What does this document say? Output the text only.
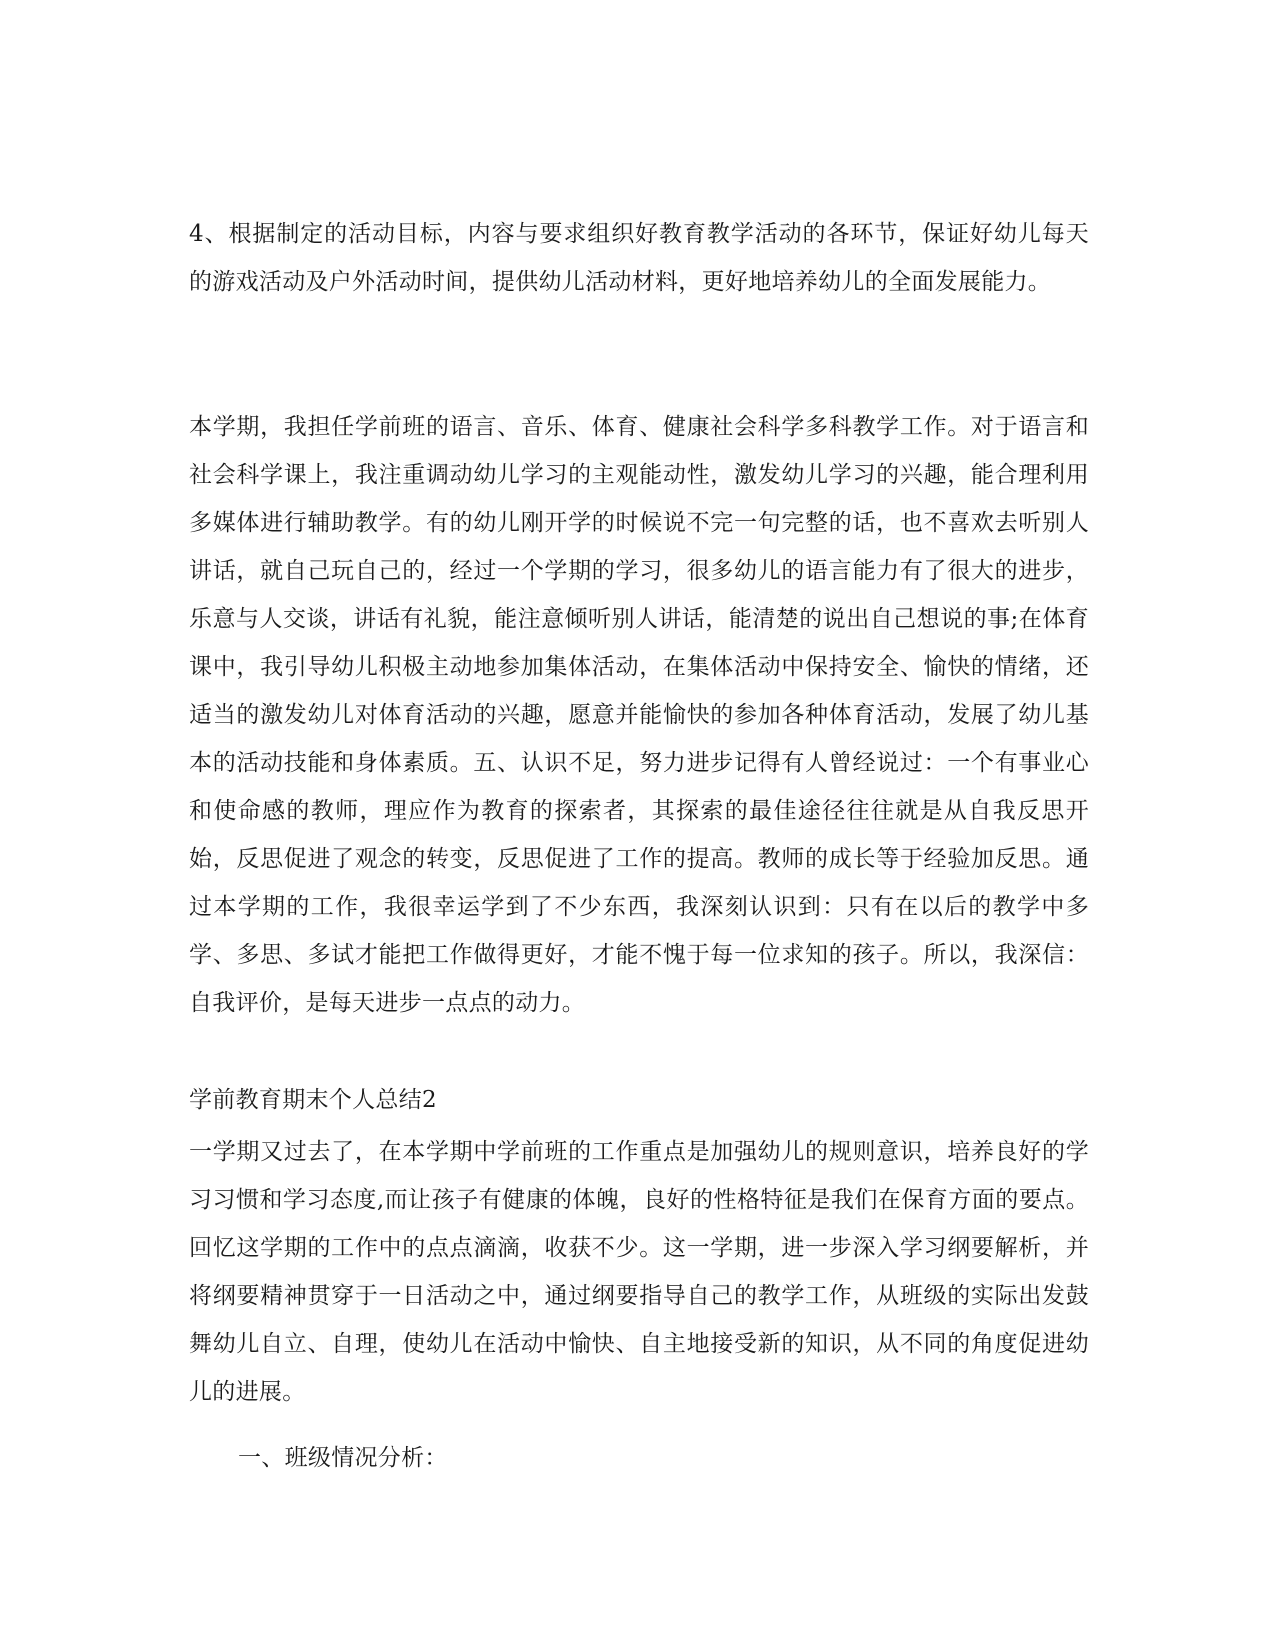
4、根据制定的活动目标，内容与要求组织好教育教学活动的各环节，保证好幼儿每天的游戏活动及户外活动时间，提供幼儿活动材料，更好地培养幼儿的全面发展能力。
本学期，我担任学前班的语言、音乐、体育、健康社会科学多科教学工作。对于语言和社会科学课上，我注重调动幼儿学习的主观能动性，激发幼儿学习的兴趣，能合理利用多媒体进行辅助教学。有的幼儿刚开学的时候说不完一句完整的话，也不喜欢去听别人讲话，就自己玩自己的，经过一个学期的学习，很多幼儿的语言能力有了很大的进步，乐意与人交谈，讲话有礼貌，能注意倾听别人讲话，能清楚的说出自己想说的事;在体育课中，我引导幼儿积极主动地参加集体活动，在集体活动中保持安全、愉快的情绪，还适当的激发幼儿对体育活动的兴趣，愿意并能愉快的参加各种体育活动，发展了幼儿基本的活动技能和身体素质。五、认识不足，努力进步记得有人曾经说过：一个有事业心和使命感的教师，理应作为教育的探索者，其探索的最佳途径往往就是从自我反思开始，反思促进了观念的转变，反思促进了工作的提高。教师的成长等于经验加反思。通过本学期的工作，我很幸运学到了不少东西，我深刻认识到：只有在以后的教学中多学、多思、多试才能把工作做得更好，才能不愧于每一位求知的孩子。所以，我深信：自我评价，是每天进步一点点的动力。
学前教育期末个人总结2
一学期又过去了，在本学期中学前班的工作重点是加强幼儿的规则意识，培养良好的学习习惯和学习态度,而让孩子有健康的体魄，良好的性格特征是我们在保育方面的要点。回忆这学期的工作中的点点滴滴，收获不少。这一学期，进一步深入学习纲要解析，并将纲要精神贯穿于一日活动之中，通过纲要指导自己的教学工作，从班级的实际出发鼓舞幼儿自立、自理，使幼儿在活动中愉快、自主地接受新的知识，从不同的角度促进幼儿的进展。
一、班级情况分析：
